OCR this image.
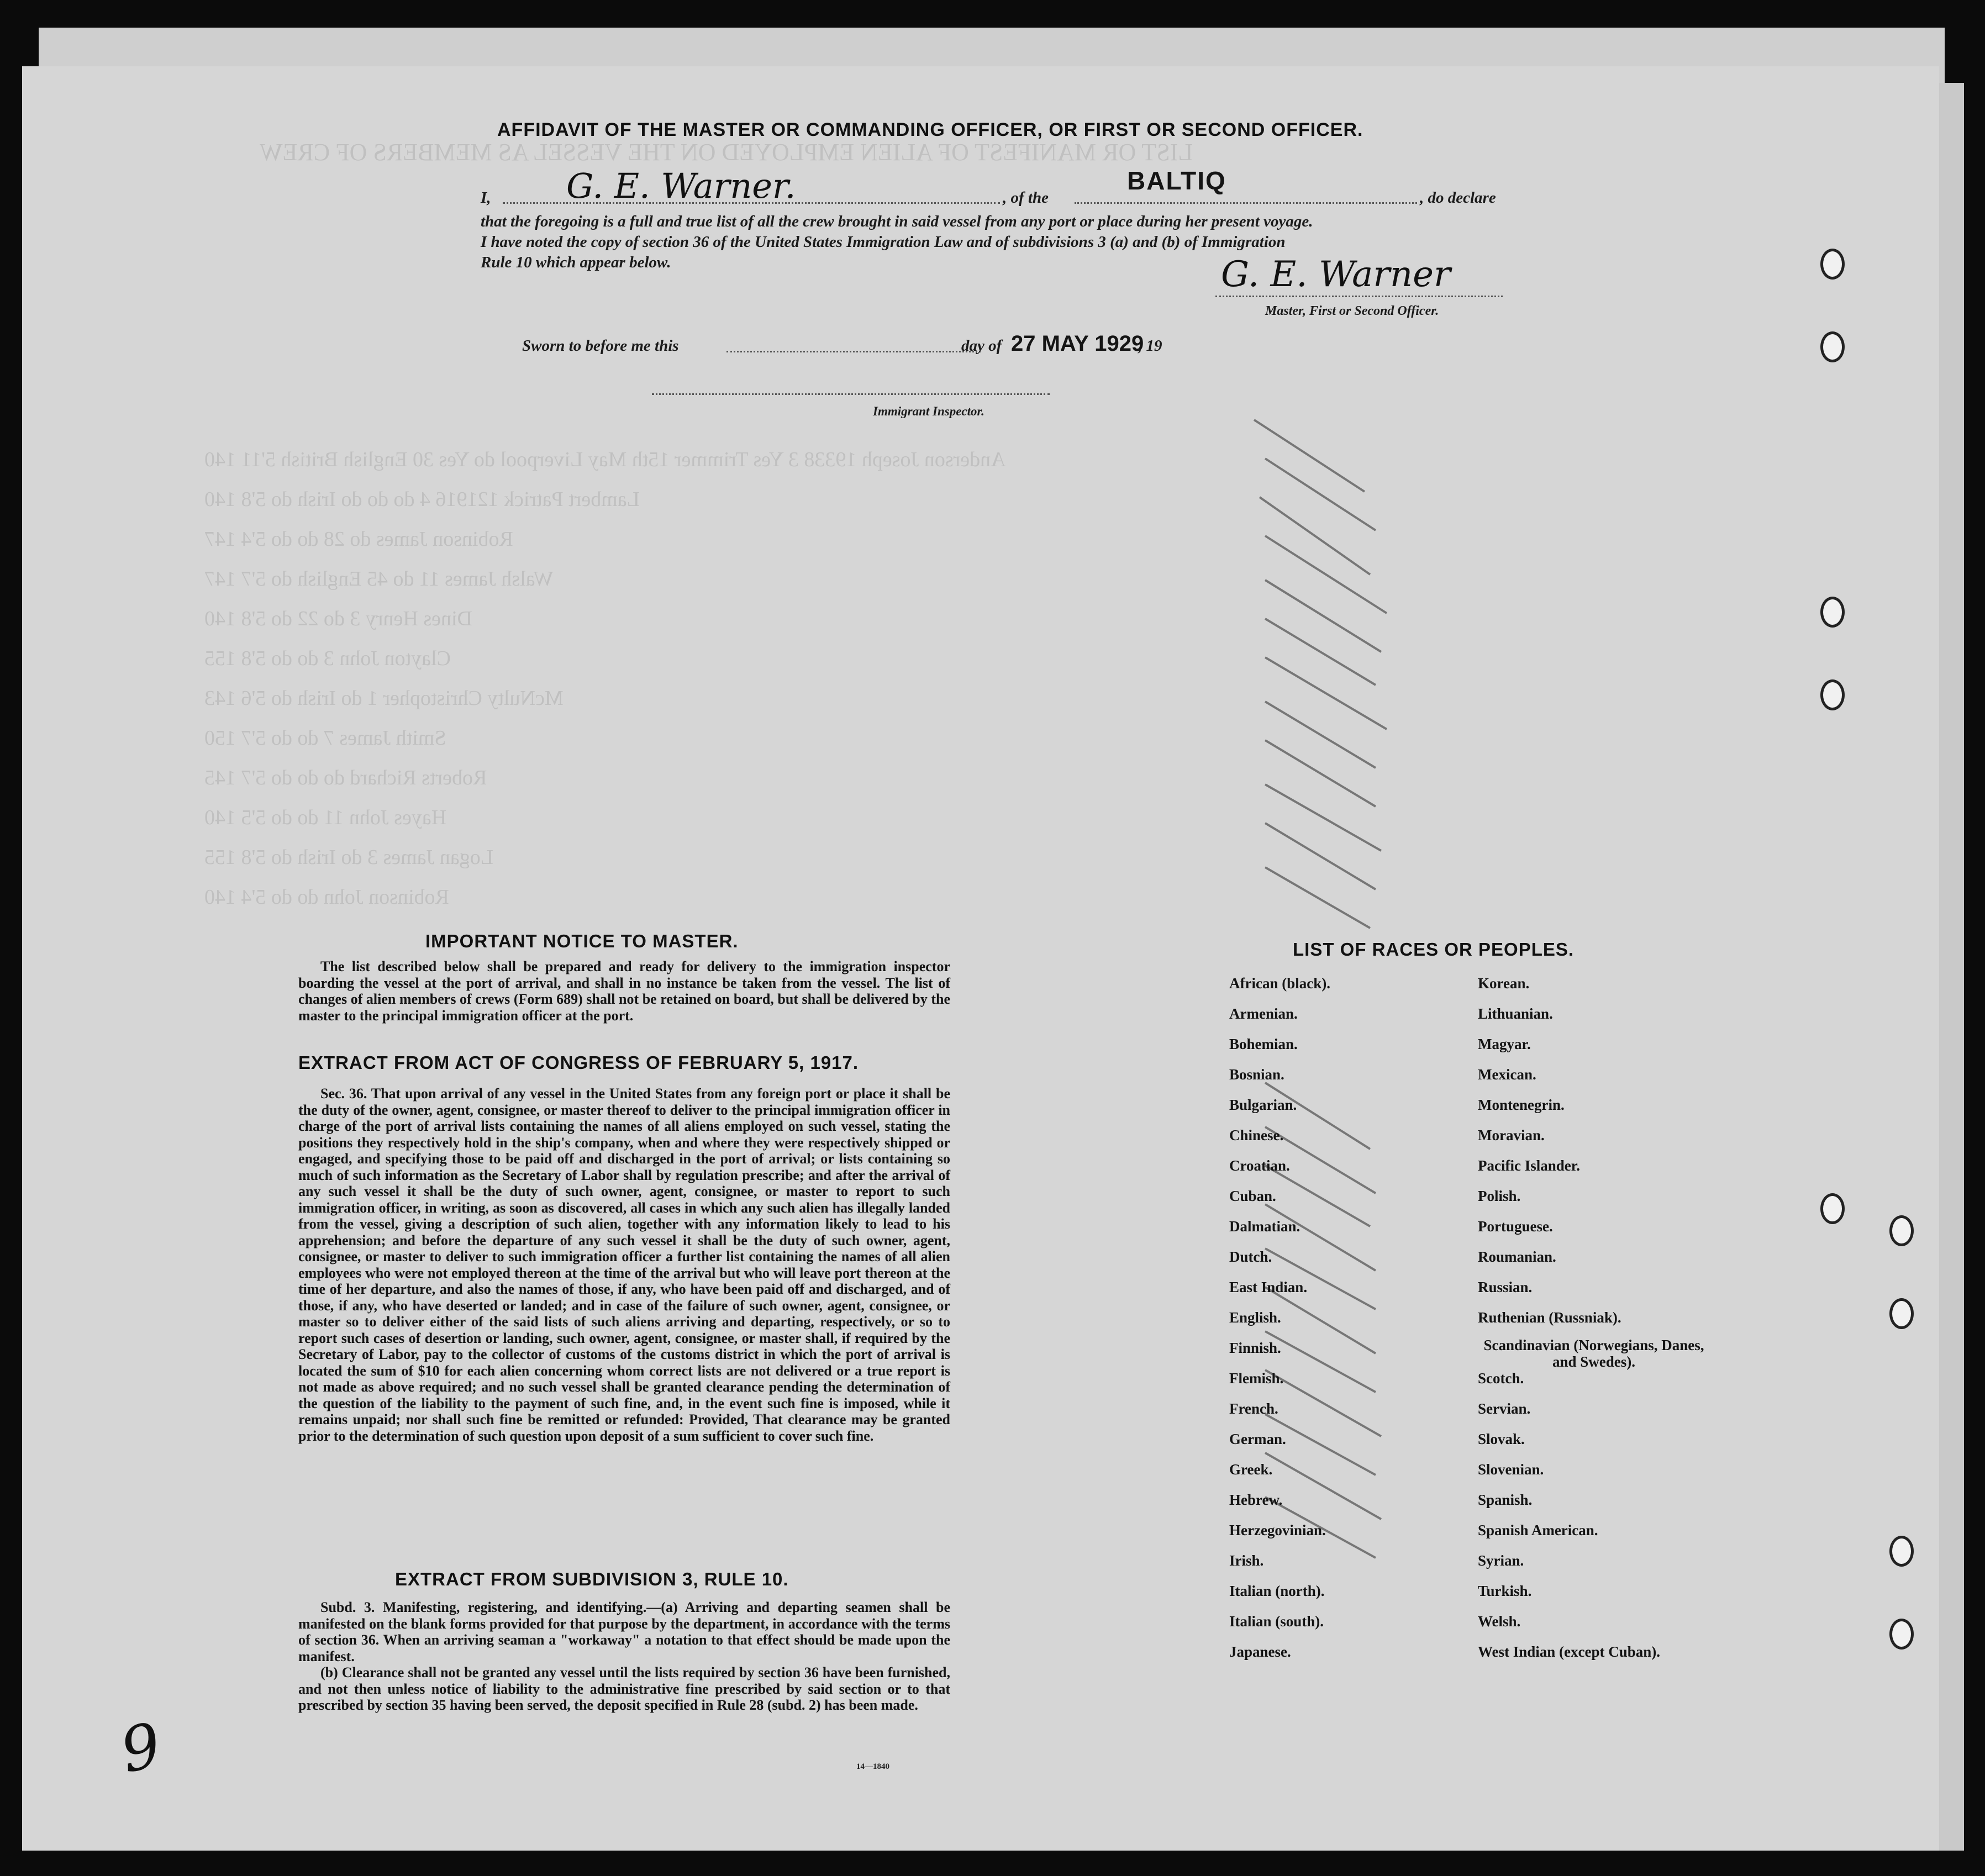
LIST OR MANIFEST OF ALIEN EMPLOYED ON THE VESSEL AS MEMBERS OF CREW
Anderson Joseph 19338 3 Yes Trimmer 15th May Liverpool do Yes 30 English British 5'11 140
Lambert Patrick 121916 4 do do do Irish do 5'8 140
Robinson James do 28 do do 5'4 147
Walsh James 11 do 45 English do 5'7 147
Dines Henry 3 do 22 do 5'8 140
Clayton John 3 do do 5'8 155
McNulty Christopher 1 do Irish do 5'6 143
Smith James 7 do do 5'7 150
Roberts Richard do do do 5'7 145
Hayes John 11 do do 5'5 140
Logan James 3 do Irish do 5'8 155
Robinson John do do 5'4 140
AFFIDAVIT OF THE MASTER OR COMMANDING OFFICER, OR FIRST OR SECOND OFFICER.
I, G. E. Warner.	, of the
BALTIQ
, do declare
that the foregoing is a full and true list of all the crew brought in said vessel from any port or place during her present voyage.
I have noted the copy of section 36 of the United States Immigration Law and of subdivisions 3 (a) and (b) of Immigration
Rule 10 which appear below.	G. E. Warner
Master, First or Second Officer.
Sworn to before me this	day of 27 MAY 1929
, 19
Immigrant Inspector.
IMPORTANT NOTICE TO MASTER.

The list described below shall be prepared and ready for delivery to the immigration inspector boarding the vessel at the port of arrival, and shall in no instance be taken from the vessel. The list of changes of alien members of crews (Form 689) shall not be retained on board, but shall be delivered by the master to the principal immigration officer at the port.

EXTRACT FROM ACT OF CONGRESS OF FEBRUARY 5, 1917.

Sec. 36. That upon arrival of any vessel in the United States from any foreign port or place it shall be the duty of the owner, agent, consignee, or master thereof to deliver to the principal immigration officer in charge of the port of arrival lists containing the names of all aliens employed on such vessel, stating the positions they respectively hold in the ship's company, when and where they were respectively shipped or engaged, and specifying those to be paid off and discharged in the port of arrival; or lists containing so much of such information as the Secretary of Labor shall by regulation prescribe; and after the arrival of any such vessel it shall be the duty of such owner, agent, consignee, or master to report to such immigration officer, in writing, as soon as discovered, all cases in which any such alien has illegally landed from the vessel, giving a description of such alien, together with any information likely to lead to his apprehension; and before the departure of any such vessel it shall be the duty of such owner, agent, consignee, or master to deliver to such immigration officer a further list containing the names of all alien employees who were not employed thereon at the time of the arrival but who will leave port thereon at the time of her departure, and also the names of those, if any, who have been paid off and discharged, and of those, if any, who have deserted or landed; and in case of the failure of such owner, agent, consignee, or master so to deliver either of the said lists of such aliens arriving and departing, respectively, or so to report such cases of desertion or landing, such owner, agent, consignee, or master shall, if required by the Secretary of Labor, pay to the collector of customs of the customs district in which the port of arrival is located the sum of $10 for each alien concerning whom correct lists are not delivered or a true report is not made as above required; and no such vessel shall be granted clearance pending the determination of the question of the liability to the payment of such fine, and, in the event such fine is imposed, while it remains unpaid; nor shall such fine be remitted or refunded: Provided, That clearance may be granted prior to the determination of such question upon deposit of a sum sufficient to cover such fine.

EXTRACT FROM SUBDIVISION 3, RULE 10.

Subd. 3. Manifesting, registering, and identifying.—(a) Arriving and departing seamen shall be manifested on the blank forms provided for that purpose by the department, in accordance with the terms of section 36. When an arriving seaman a "workaway" a notation to that effect should be made upon the manifest.

(b) Clearance shall not be granted any vessel until the lists required by section 36 have been furnished, and not then unless notice of liability to the administrative fine prescribed by said section or to that prescribed by section 35 having been served, the deposit specified in Rule 28 (subd. 2) has been made.

14—1840
9
LIST OF RACES OR PEOPLES.
African (black).
Armenian.
Bohemian.
Bosnian.
Bulgarian.
Chinese.
Croatian.
Cuban.
Dalmatian.
Dutch.
East Indian.
English.
Finnish.
Flemish.
French.
German.
Greek.
Hebrew.
Herzegovinian.
Irish.
Italian (north).
Italian (south).
Japanese.
Korean.
Lithuanian.
Magyar.
Mexican.
Montenegrin.
Moravian.
Pacific Islander.
Polish.
Portuguese.
Roumanian.
Russian.
Ruthenian (Russniak).
Scandinavian (Norwegians, Danes, and Swedes).
Scotch.
Servian.
Slovak.
Slovenian.
Spanish.
Spanish American.
Syrian.
Turkish.
Welsh.
West Indian (except Cuban).
